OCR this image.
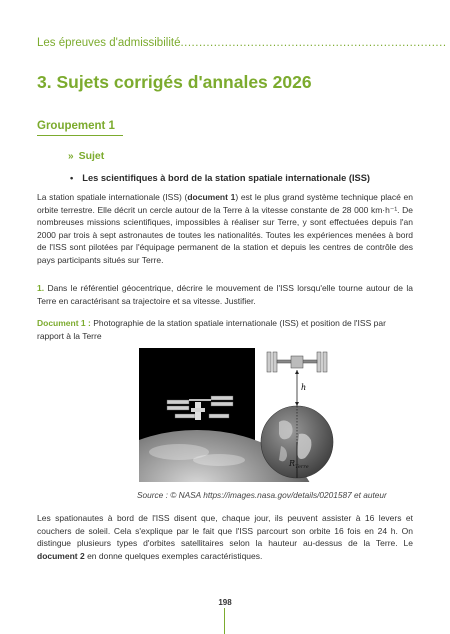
Les épreuves d'admissibilité........................................................................
3. Sujets corrigés d'annales 2026
Groupement 1
» Sujet
• Les scientifiques à bord de la station spatiale internationale (ISS)
La station spatiale internationale (ISS) (document 1) est le plus grand système technique placé en orbite terrestre. Elle décrit un cercle autour de la Terre à la vitesse constante de 28 000 km·h⁻¹. De nombreuses missions scientifiques, impossibles à réaliser sur Terre, y sont effectuées depuis l'an 2000 par trois à sept astronautes de toutes les nationalités. Toutes les expériences menées à bord de l'ISS sont pilotées par l'équipage permanent de la station et depuis les centres de contrôle des pays participants situés sur Terre.
1. Dans le référentiel géocentrique, décrire le mouvement de l'ISS lorsqu'elle tourne autour de la Terre en caractérisant sa trajectoire et sa vitesse. Justifier.
Document 1 : Photographie de la station spatiale internationale (ISS) et position de l'ISS par rapport à la Terre
h
$R_{Terre}$
Source : © NASA https://images.nasa.gov/details/0201587 et auteur
Les spationautes à bord de l'ISS disent que, chaque jour, ils peuvent assister à 16 levers et couchers de soleil. Cela s'explique par le fait que l'ISS parcourt son orbite 16 fois en 24 h. On distingue plusieurs types d'orbites satellitaires selon la hauteur au-dessus de la Terre. Le document 2 en donne quelques exemples caractéristiques.
198
